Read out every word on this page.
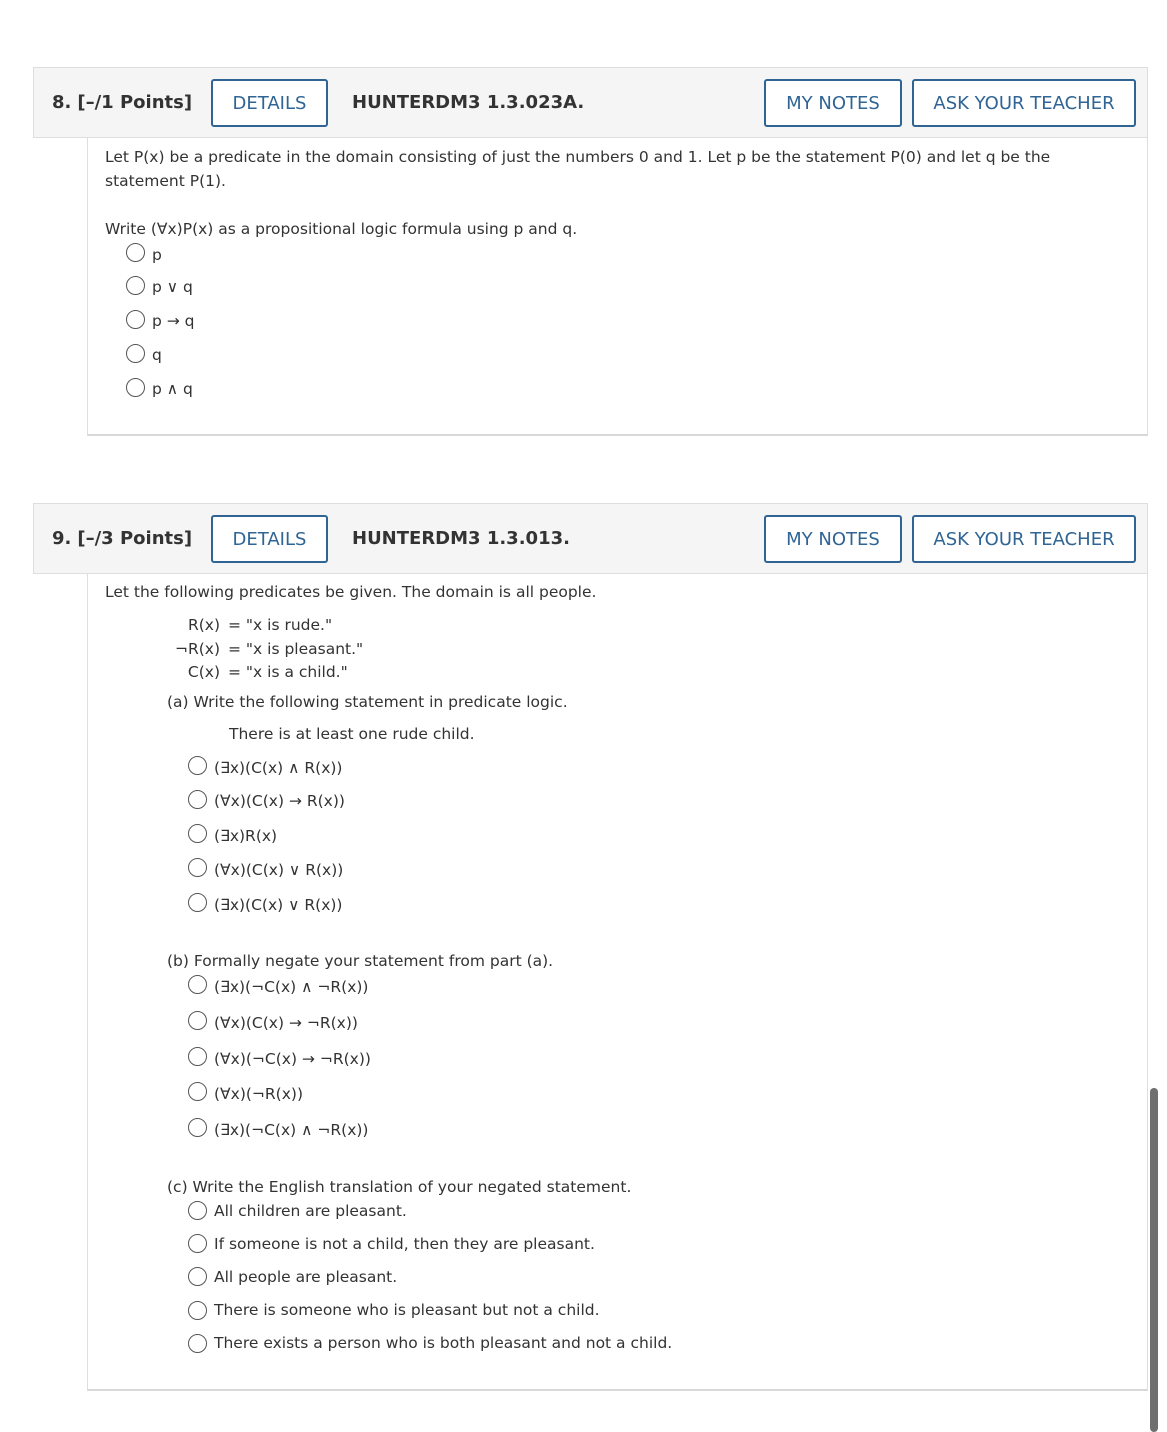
8. [–/1 Points]	DETAILS	HUNTERDM3 1.3.023A.	MY NOTES	ASK YOUR TEACHER
Let P(x) be a predicate in the domain consisting of just the numbers 0 and 1. Let p be the statement P(0) and let q be the
statement P(1).
Write (∀x)P(x) as a propositional logic formula using p and q.
p
p ∨ q
p → q
q
p ∧ q
9. [–/3 Points]	DETAILS	HUNTERDM3 1.3.013.	MY NOTES	ASK YOUR TEACHER
Let the following predicates be given. The domain is all people.
R(x) = "x is rude."
¬R(x) = "x is pleasant."
C(x) = "x is a child."
(a) Write the following statement in predicate logic.
There is at least one rude child.
(∃x)(C(x) ∧ R(x))
(∀x)(C(x) → R(x))
(∃x)R(x)
(∀x)(C(x) ∨ R(x))
(∃x)(C(x) ∨ R(x))
(b) Formally negate your statement from part (a).
(∃x)(¬C(x) ∧ ¬R(x))
(∀x)(C(x) → ¬R(x))
(∀x)(¬C(x) → ¬R(x))
(∀x)(¬R(x))
(∃x)(¬C(x) ∧ ¬R(x))
(c) Write the English translation of your negated statement.
All children are pleasant.
If someone is not a child, then they are pleasant.
All people are pleasant.
There is someone who is pleasant but not a child.
There exists a person who is both pleasant and not a child.
